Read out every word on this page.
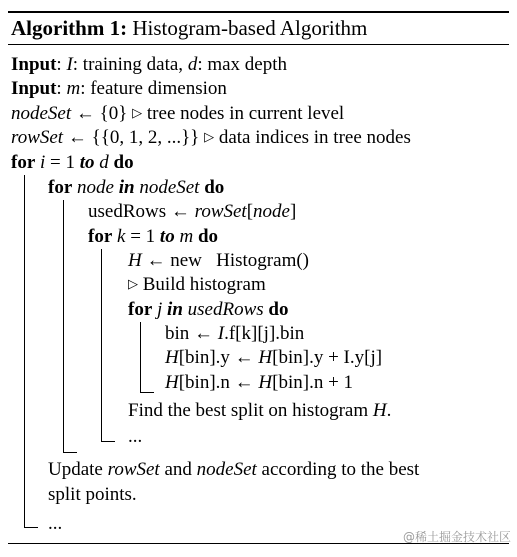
Algorithm 1: Histogram-based Algorithm
Input: I: training data, d: max depth
Input: m: feature dimension
nodeSet ← {0} ▷ tree nodes in current level
rowSet ← {{0, 1, 2, ...}} ▷ data indices in tree nodes
for i = 1 to d do
for node in nodeSet do
usedRows ← rowSet[node]
for k = 1 to m do
H ← new   Histogram()
▷ Build histogram
for j in usedRows do
bin ← I.f[k][j].bin
H[bin].y ← H[bin].y + I.y[j]
H[bin].n ← H[bin].n + 1
Find the best split on histogram H.
...
Update rowSet and nodeSet according to the best
split points.
...
@稀土掘金技术社区
